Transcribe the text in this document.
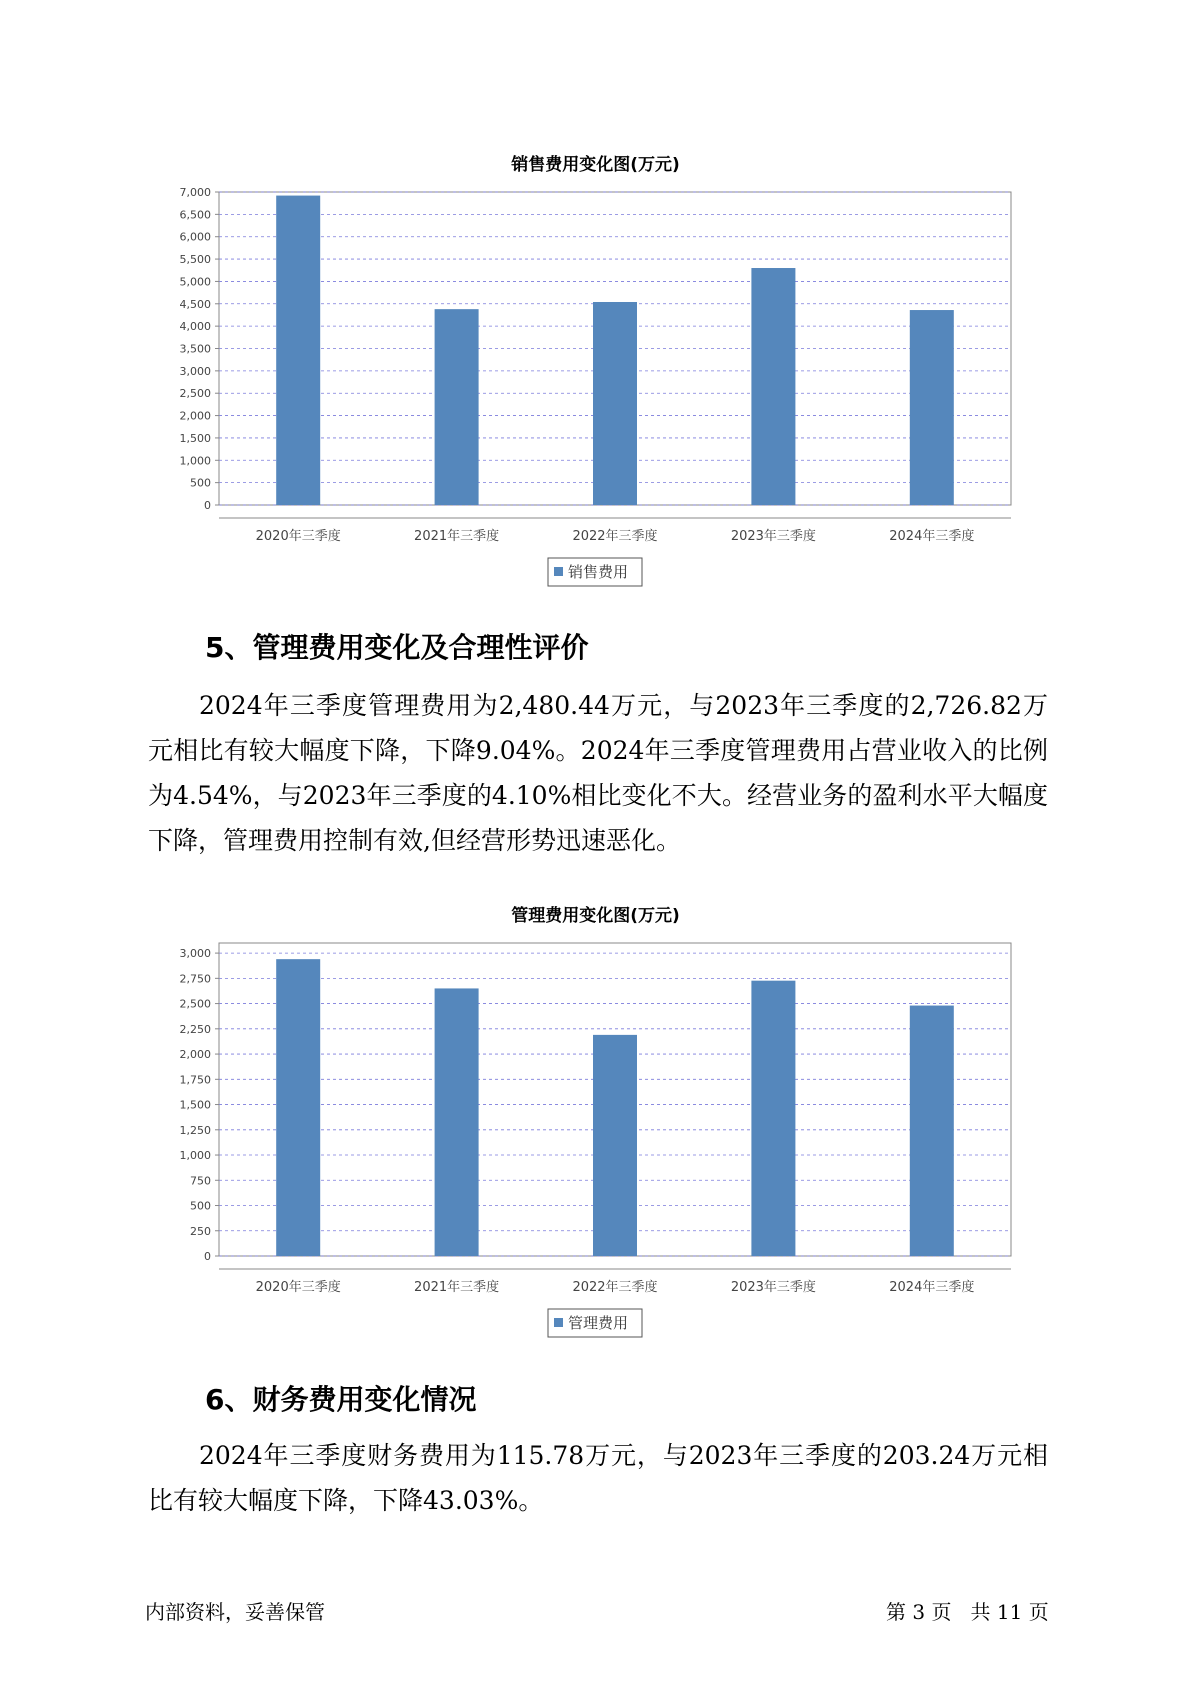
销售费用变化图(万元)
0
500
1,000
1,500
2,000
2,500
3,000
3,500
4,000
4,500
5,000
5,500
6,000
6,500
7,000
2020年三季度	2021年三季度	2022年三季度	2023年三季度	2024年三季度
销售费用
5、管理费用变化及合理性评价

2024年三季度管理费用为2,480.44万元，与2023年三季度的2,726.82万元相比有较大幅度下降，下降9.04%。2024年三季度管理费用占营业收入的比例为4.54%，与2023年三季度的4.10%相比变化不大。经营业务的盈利水平大幅度下降，管理费用控制有效,但经营形势迅速恶化。

管理费用变化图(万元)
0
250
500
750
1,000
1,250
1,500
1,750
2,000
2,250
2,500
2,750
3,000
2020年三季度	2021年三季度	2022年三季度	2023年三季度	2024年三季度
管理费用
6、财务费用变化情况

2024年三季度财务费用为115.78万元，与2023年三季度的203.24万元相比有较大幅度下降，下降43.03%。

内部资料，妥善保管	第 3 页 共 11 页
